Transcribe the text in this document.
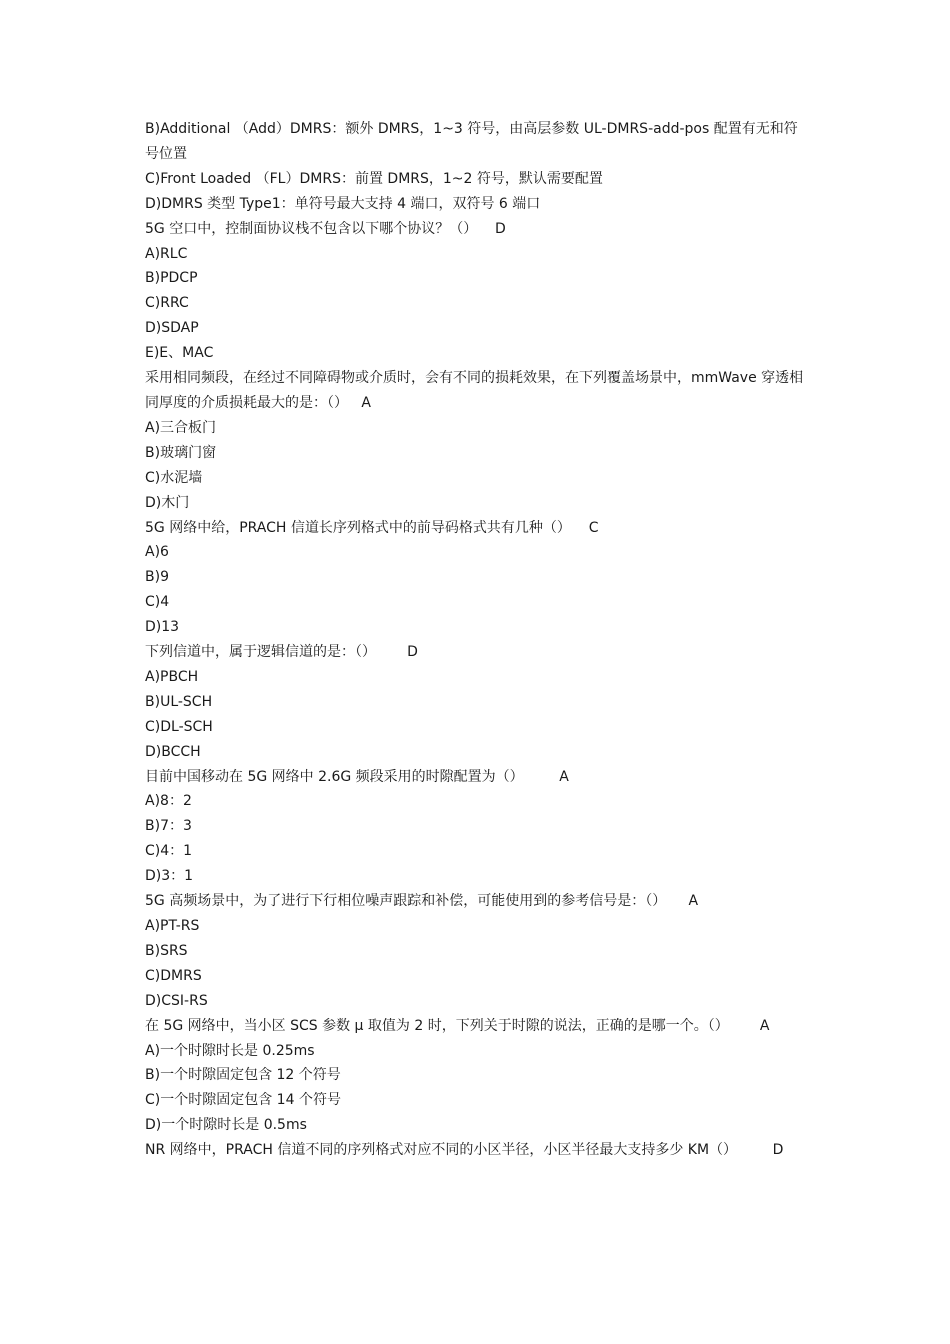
B)Additional （Add）DMRS：额外 DMRS，1~3 符号，由高层参数 UL-DMRS-add-pos 配置有无和符号位置
C)Front Loaded （FL）DMRS：前置 DMRS，1~2 符号，默认需要配置
D)DMRS 类型 Type1：单符号最大支持 4 端口，双符号 6 端口
5G 空口中，控制面协议栈不包含以下哪个协议？（） D
A)RLC
B)PDCP
C)RRC
D)SDAP
E)E、MAC
采用相同频段，在经过不同障碍物或介质时，会有不同的损耗效果，在下列覆盖场景中，mmWave 穿透相同厚度的介质损耗最大的是：（） A
A)三合板门
B)玻璃门窗
C)水泥墙
D)木门
5G 网络中给，PRACH 信道长序列格式中的前导码格式共有几种（） C
A)6
B)9
C)4
D)13
下列信道中，属于逻辑信道的是：（） D
A)PBCH
B)UL-SCH
C)DL-SCH
D)BCCH
目前中国移动在 5G 网络中 2.6G 频段采用的时隙配置为（）	A
A)8：2
B)7：3
C)4：1
D)3：1
5G 高频场景中，为了进行下行相位噪声跟踪和补偿，可能使用到的参考信号是：（） A
A)PT-RS
B)SRS
C)DMRS
D)CSI-RS
在 5G 网络中，当小区 SCS 参数 μ 取值为 2 时，下列关于时隙的说法，正确的是哪一个。（） A
A)一个时隙时长是 0.25ms
B)一个时隙固定包含 12 个符号
C)一个时隙固定包含 14 个符号
D)一个时隙时长是 0.5ms
NR 网络中，PRACH 信道不同的序列格式对应不同的小区半径，小区半径最大支持多少 KM（）	D
